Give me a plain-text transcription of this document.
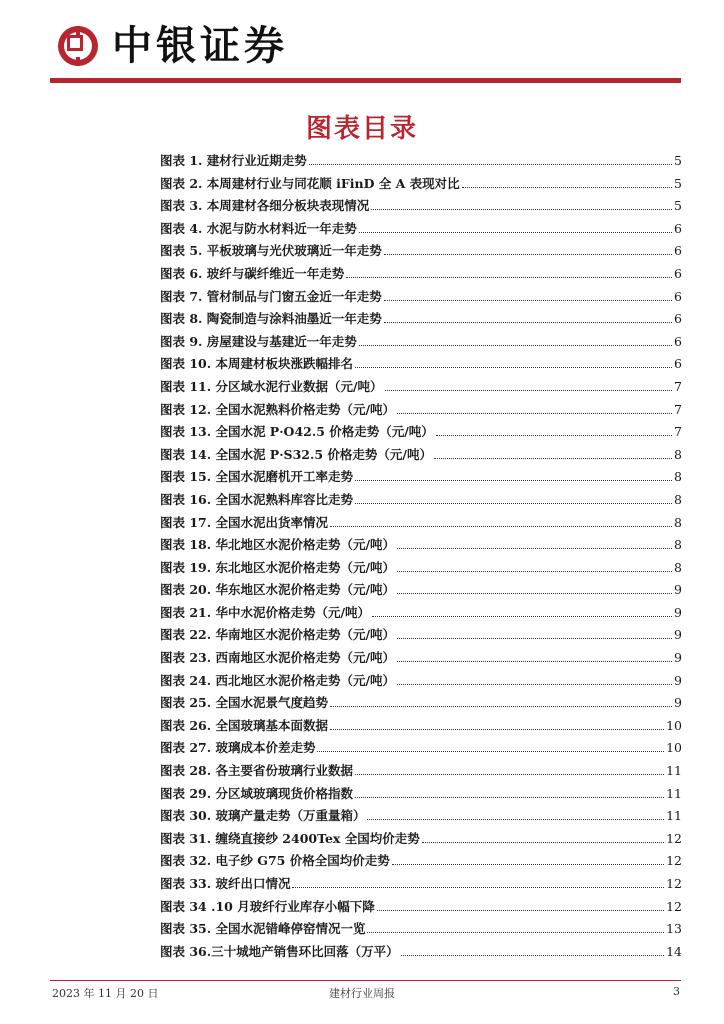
中银证券
图表目录
图表 1. 建材行业近期走势	5
图表 2. 本周建材行业与同花顺 iFinD 全 A 表现对比	5
图表 3. 本周建材各细分板块表现情况	5
图表 4. 水泥与防水材料近一年走势	6
图表 5. 平板玻璃与光伏玻璃近一年走势	6
图表 6. 玻纤与碳纤维近一年走势	6
图表 7. 管材制品与门窗五金近一年走势	6
图表 8. 陶瓷制造与涂料油墨近一年走势	6
图表 9. 房屋建设与基建近一年走势	6
图表 10. 本周建材板块涨跌幅排名	6
图表 11. 分区域水泥行业数据（元/吨）	7
图表 12. 全国水泥熟料价格走势（元/吨）	7
图表 13. 全国水泥 P·O42.5 价格走势（元/吨）	7
图表 14. 全国水泥 P·S32.5 价格走势（元/吨）	8
图表 15. 全国水泥磨机开工率走势	8
图表 16. 全国水泥熟料库容比走势	8
图表 17. 全国水泥出货率情况	8
图表 18. 华北地区水泥价格走势（元/吨）	8
图表 19. 东北地区水泥价格走势（元/吨）	8
图表 20. 华东地区水泥价格走势（元/吨）	9
图表 21. 华中水泥价格走势（元/吨）	9
图表 22. 华南地区水泥价格走势（元/吨）	9
图表 23. 西南地区水泥价格走势（元/吨）	9
图表 24. 西北地区水泥价格走势（元/吨）	9
图表 25. 全国水泥景气度趋势	9
图表 26. 全国玻璃基本面数据	10
图表 27. 玻璃成本价差走势	10
图表 28. 各主要省份玻璃行业数据	11
图表 29. 分区域玻璃现货价格指数	11
图表 30. 玻璃产量走势（万重量箱）	11
图表 31. 缠绕直接纱 2400Tex 全国均价走势	12
图表 32. 电子纱 G75 价格全国均价走势	12
图表 33. 玻纤出口情况	12
图表 34 .10 月玻纤行业库存小幅下降	12
图表 35. 全国水泥错峰停窑情况一览	13
图表 36.三十城地产销售环比回落（万平）	14
2023 年 11 月 20 日	建材行业周报	3
